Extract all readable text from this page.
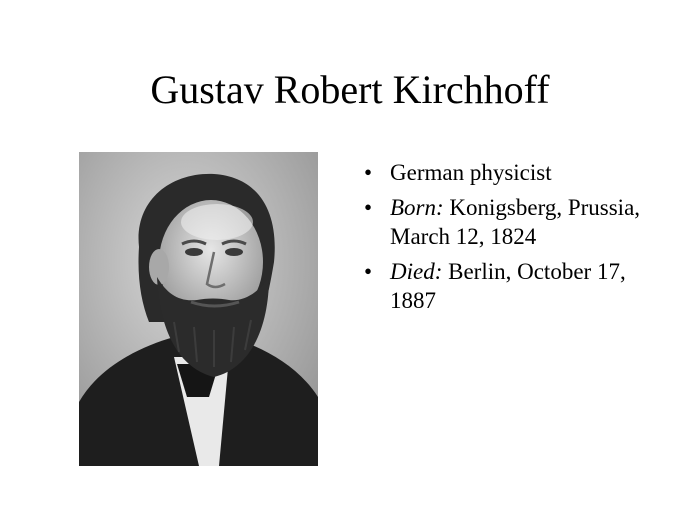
Gustav Robert Kirchhoff
• German physicist
• Born: Konigsberg, Prussia, March 12, 1824
• Died: Berlin, October 17, 1887
